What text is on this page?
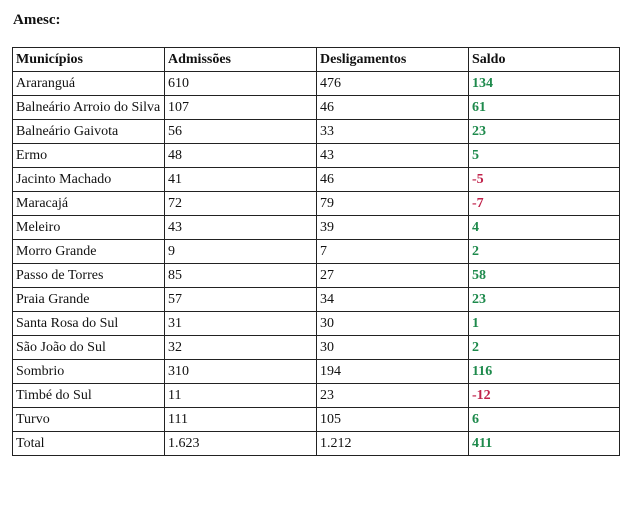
Amesc:
Municípios	Admissões	Desligamentos	Saldo
Araranguá	610	476	134
Balneário Arroio do Silva	107	46	61
Balneário Gaivota	56	33	23
Ermo	48	43	5
Jacinto Machado	41	46	-5
Maracajá	72	79	-7
Meleiro	43	39	4
Morro Grande	9	7	2
Passo de Torres	85	27	58
Praia Grande	57	34	23
Santa Rosa do Sul	31	30	1
São João do Sul	32	30	2
Sombrio	310	194	116
Timbé do Sul	11	23	-12
Turvo	111	105	6
Total	1.623	1.212	411
